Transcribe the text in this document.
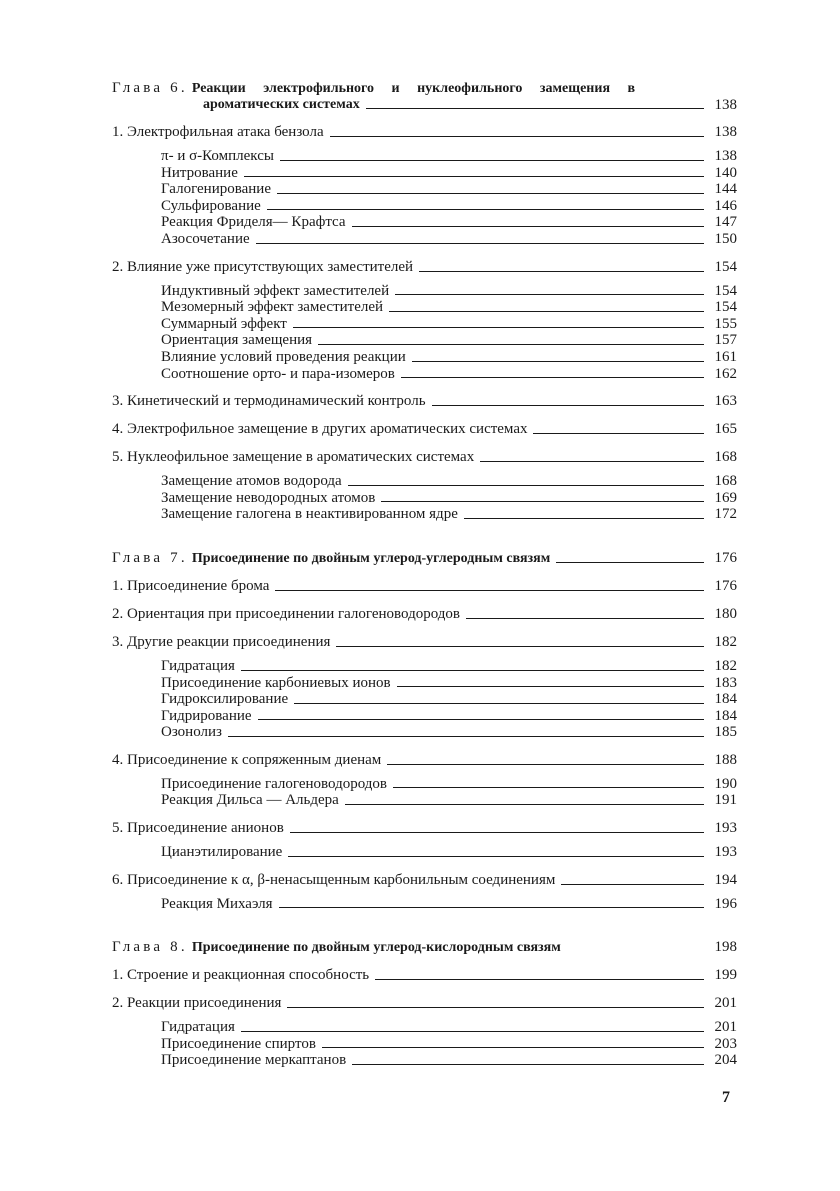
Глава 6. Реакции электрофильного и нуклеофильного замещения в
ароматических системах	138
1. Электрофильная атака бензола	138
π- и σ-Комплексы	138
Нитрование	140
Галогенирование	144
Сульфирование	146
Реакция Фриделя— Крафтса	147
Азосочетание	150
2. Влияние уже присутствующих заместителей	154
Индуктивный эффект заместителей	154
Мезомерный эффект заместителей	154
Суммарный эффект	155
Ориентация замещения	157
Влияние условий проведения реакции	161
Соотношение орто- и пара-изомеров	162
3. Кинетический и термодинамический контроль	163
4. Электрофильное замещение в других ароматических системах	165
5. Нуклеофильное замещение в ароматических системах	168
Замещение атомов водорода	168
Замещение неводородных атомов	169
Замещение галогена в неактивированном ядре	172
Глава 7. Присоединение по двойным углерод-углеродным связям	176
1. Присоединение брома	176
2. Ориентация при присоединении галогеноводородов	180
3. Другие реакции присоединения	182
Гидратация	182
Присоединение карбониевых ионов	183
Гидроксилирование	184
Гидрирование	184
Озонолиз	185
4. Присоединение к сопряженным диенам	188
Присоединение галогеноводородов	190
Реакция Дильса — Альдера	191
5. Присоединение анионов	193
Цианэтилирование	193
6. Присоединение к α, β-ненасыщенным карбонильным соединениям	194
Реакция Михаэля	196
Глава 8. Присоединение по двойным углерод-кислородным связям	198
1. Строение и реакционная способность	199
2. Реакции присоединения	201
Гидратация	201
Присоединение спиртов	203
Присоединение меркаптанов	204
7
